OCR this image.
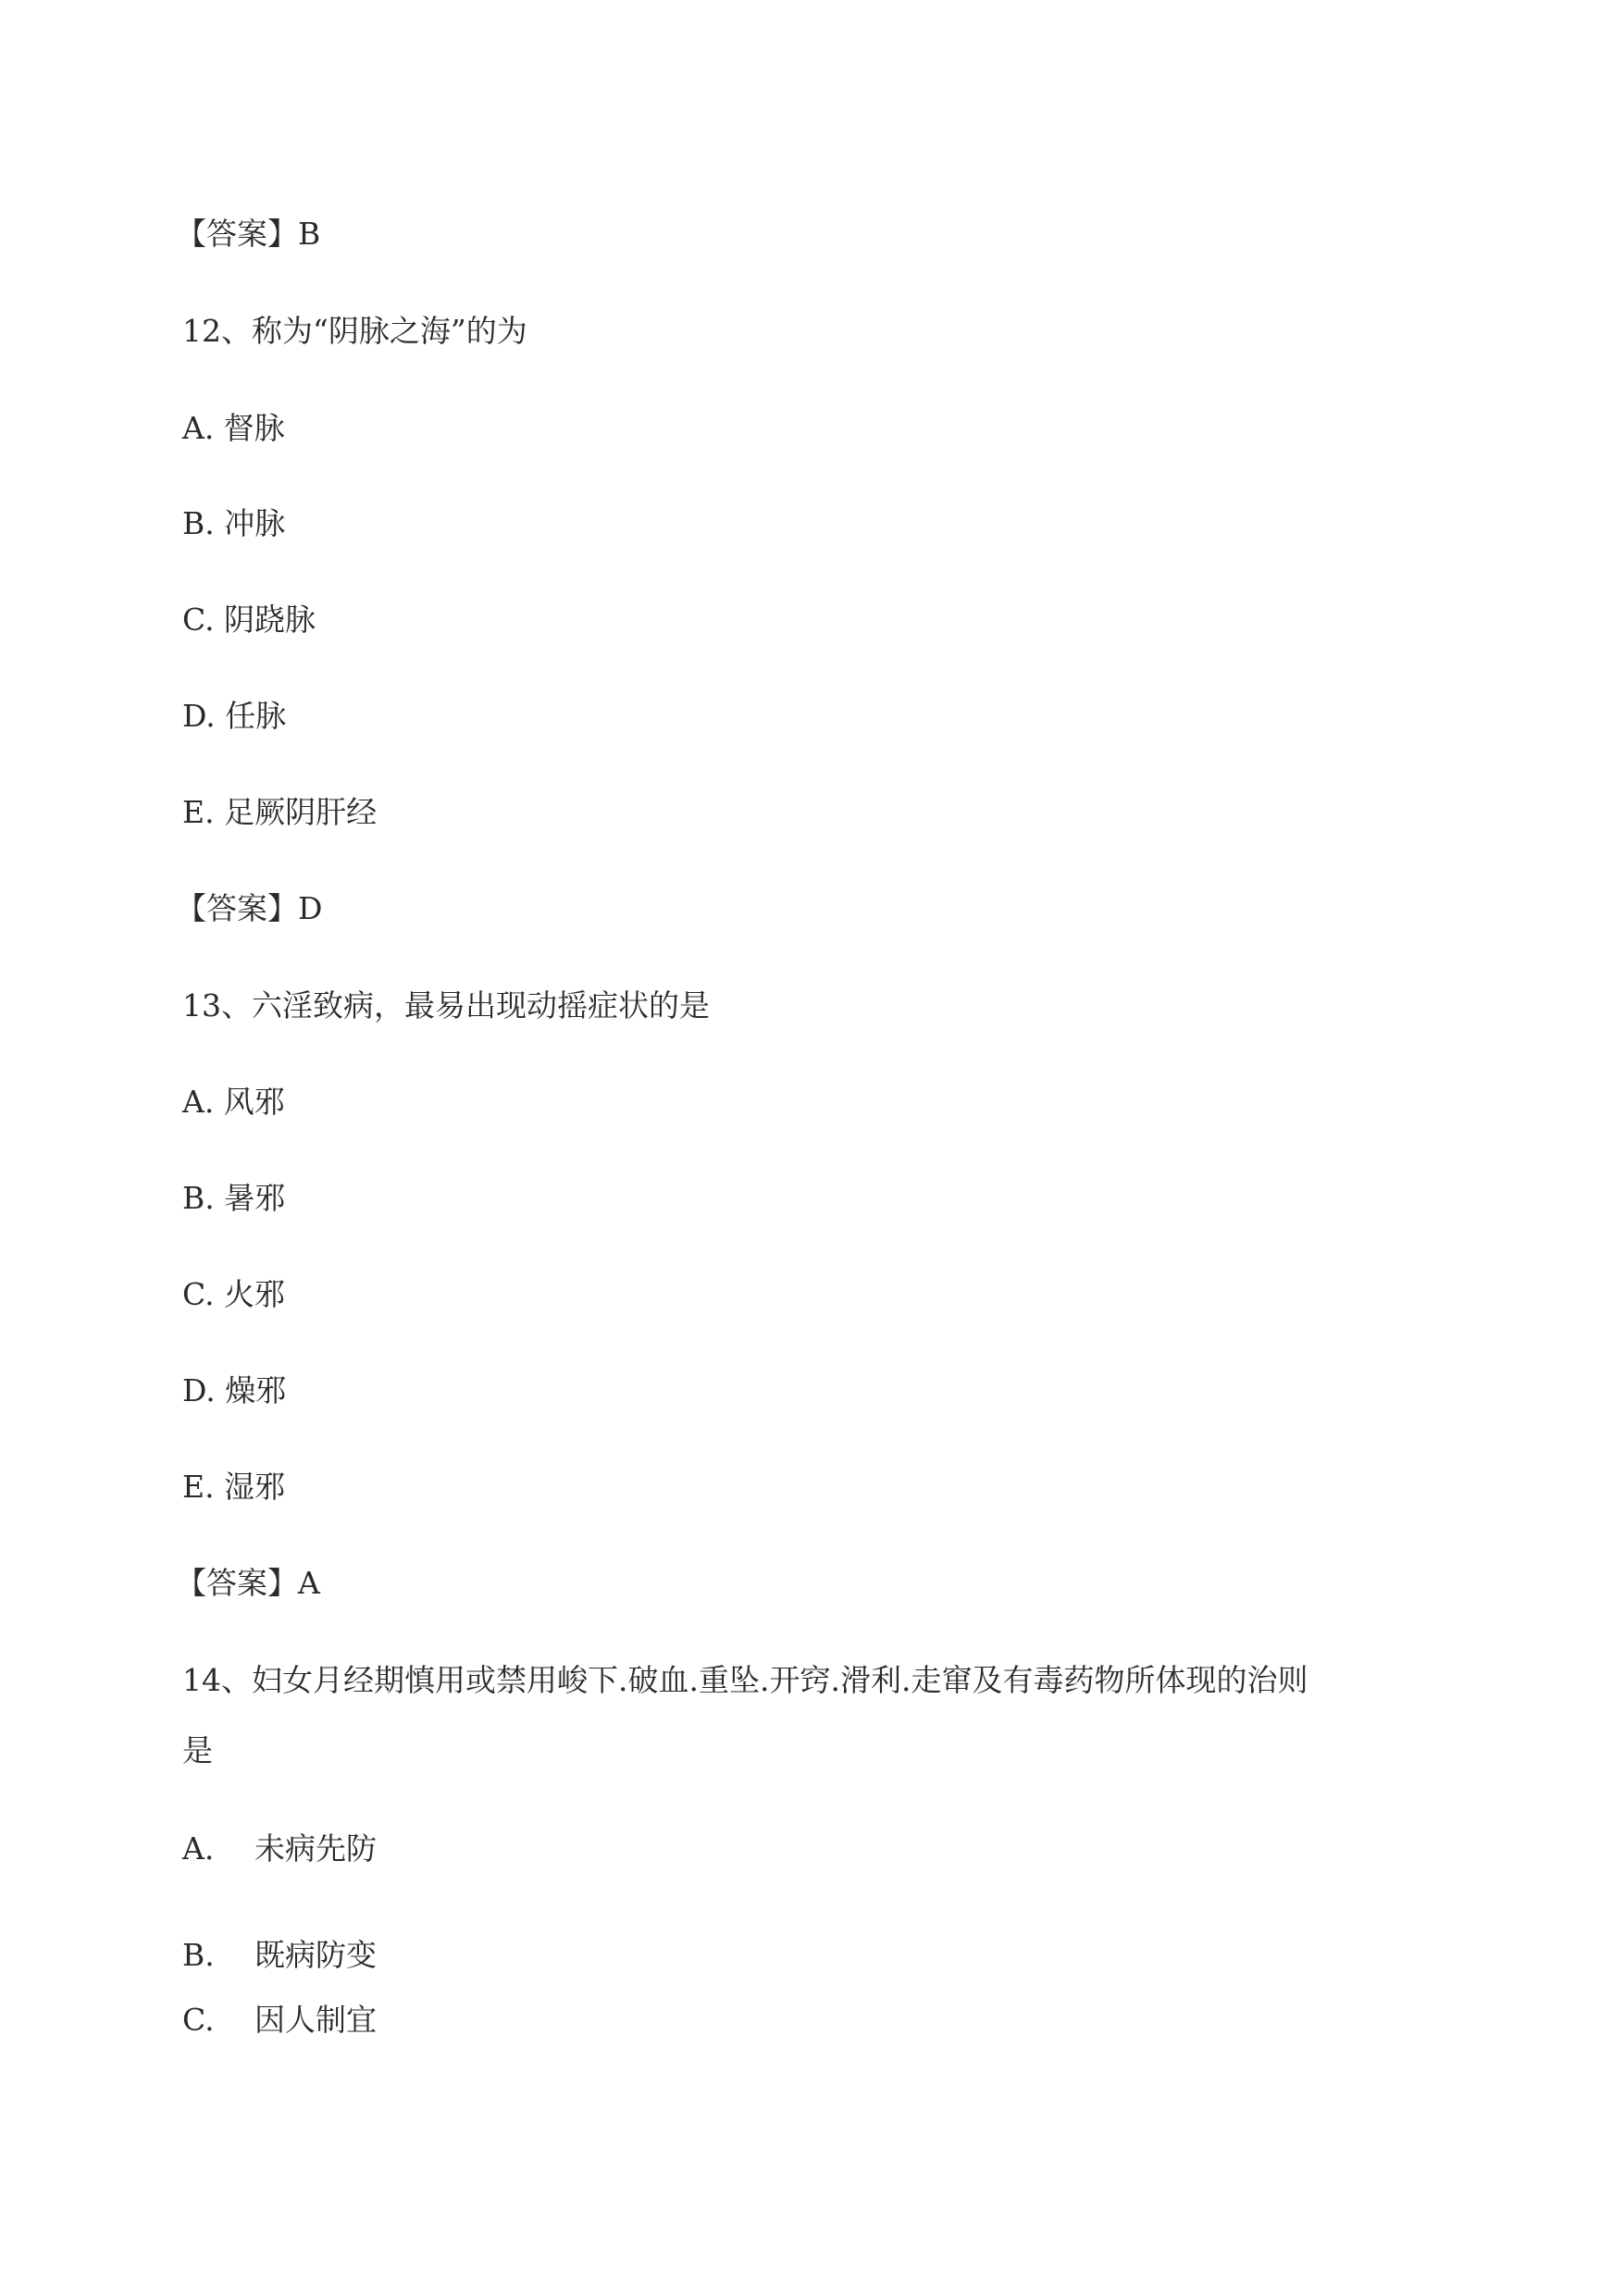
【答案】B
12、称为“阴脉之海”的为
A. 督脉
B. 冲脉
C. 阴跷脉
D. 任脉
E. 足厥阴肝经
【答案】D
13、六淫致病，最易出现动摇症状的是
A. 风邪
B. 暑邪
C. 火邪
D. 燥邪
E. 湿邪
【答案】A
14、妇女月经期慎用或禁用峻下.破血.重坠.开窍.滑利.走窜及有毒药物所体现的治则
是
A. 未病先防
B. 既病防变
C. 因人制宜
